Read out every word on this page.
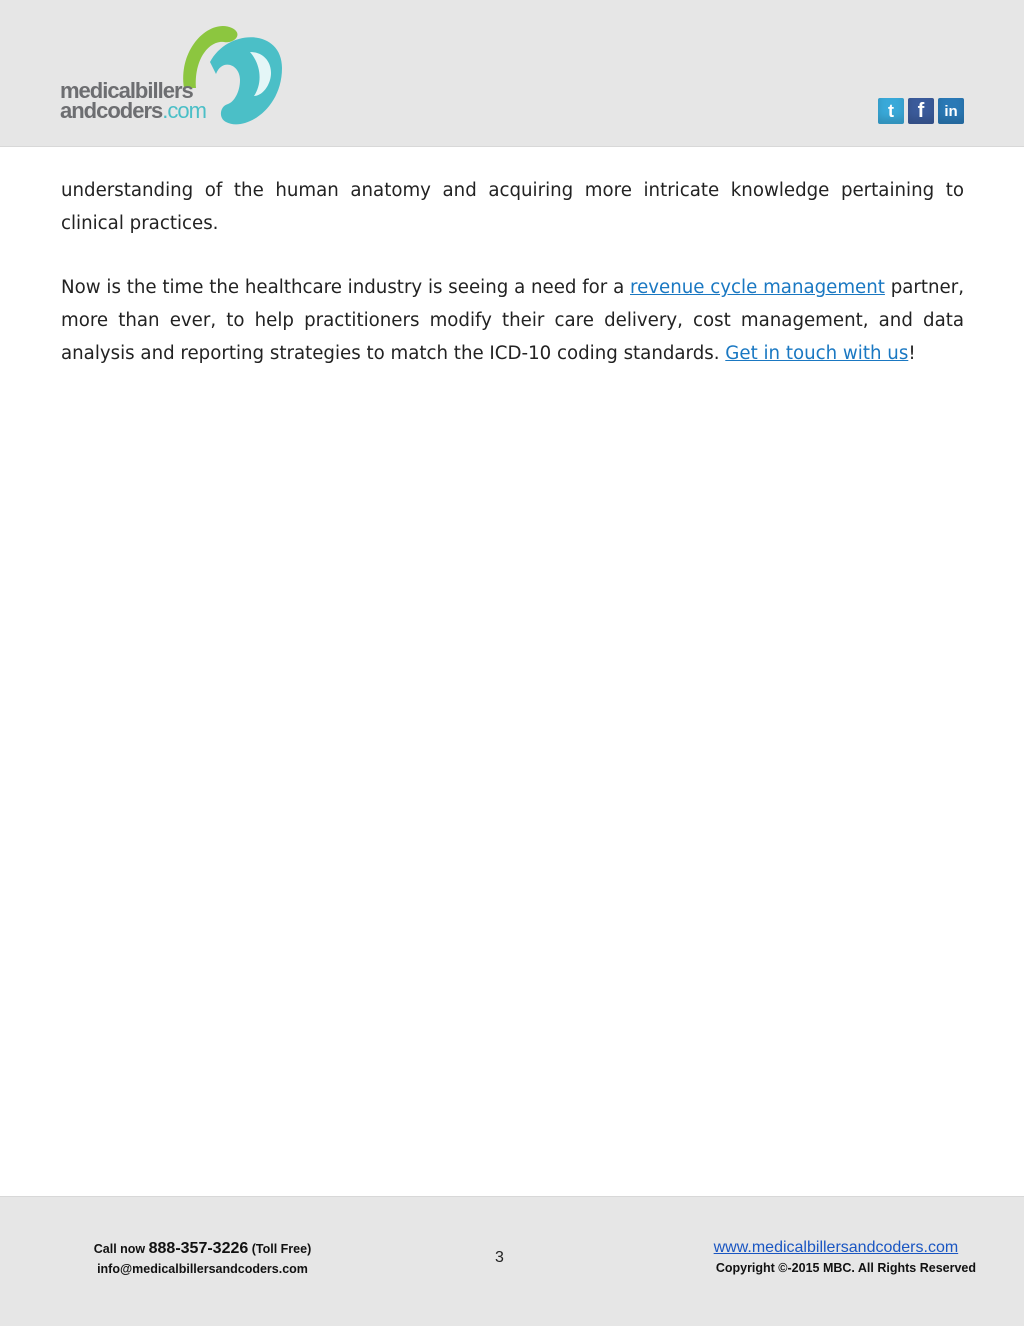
medicalbillers
andcoders.com	t	f	in

understanding of the human anatomy and acquiring more intricate knowledge pertaining to clinical practices.

Now is the time the healthcare industry is seeing a need for a revenue cycle management partner, more than ever, to help practitioners modify their care delivery, cost management, and data analysis and reporting strategies to match the ICD-10 coding standards. Get in touch with us!

Call now 888-357-3226 (Toll Free)
info@medicalbillersandcoders.com
3
www.medicalbillersandcoders.com
Copyright ©-2015 MBC. All Rights Reserved
